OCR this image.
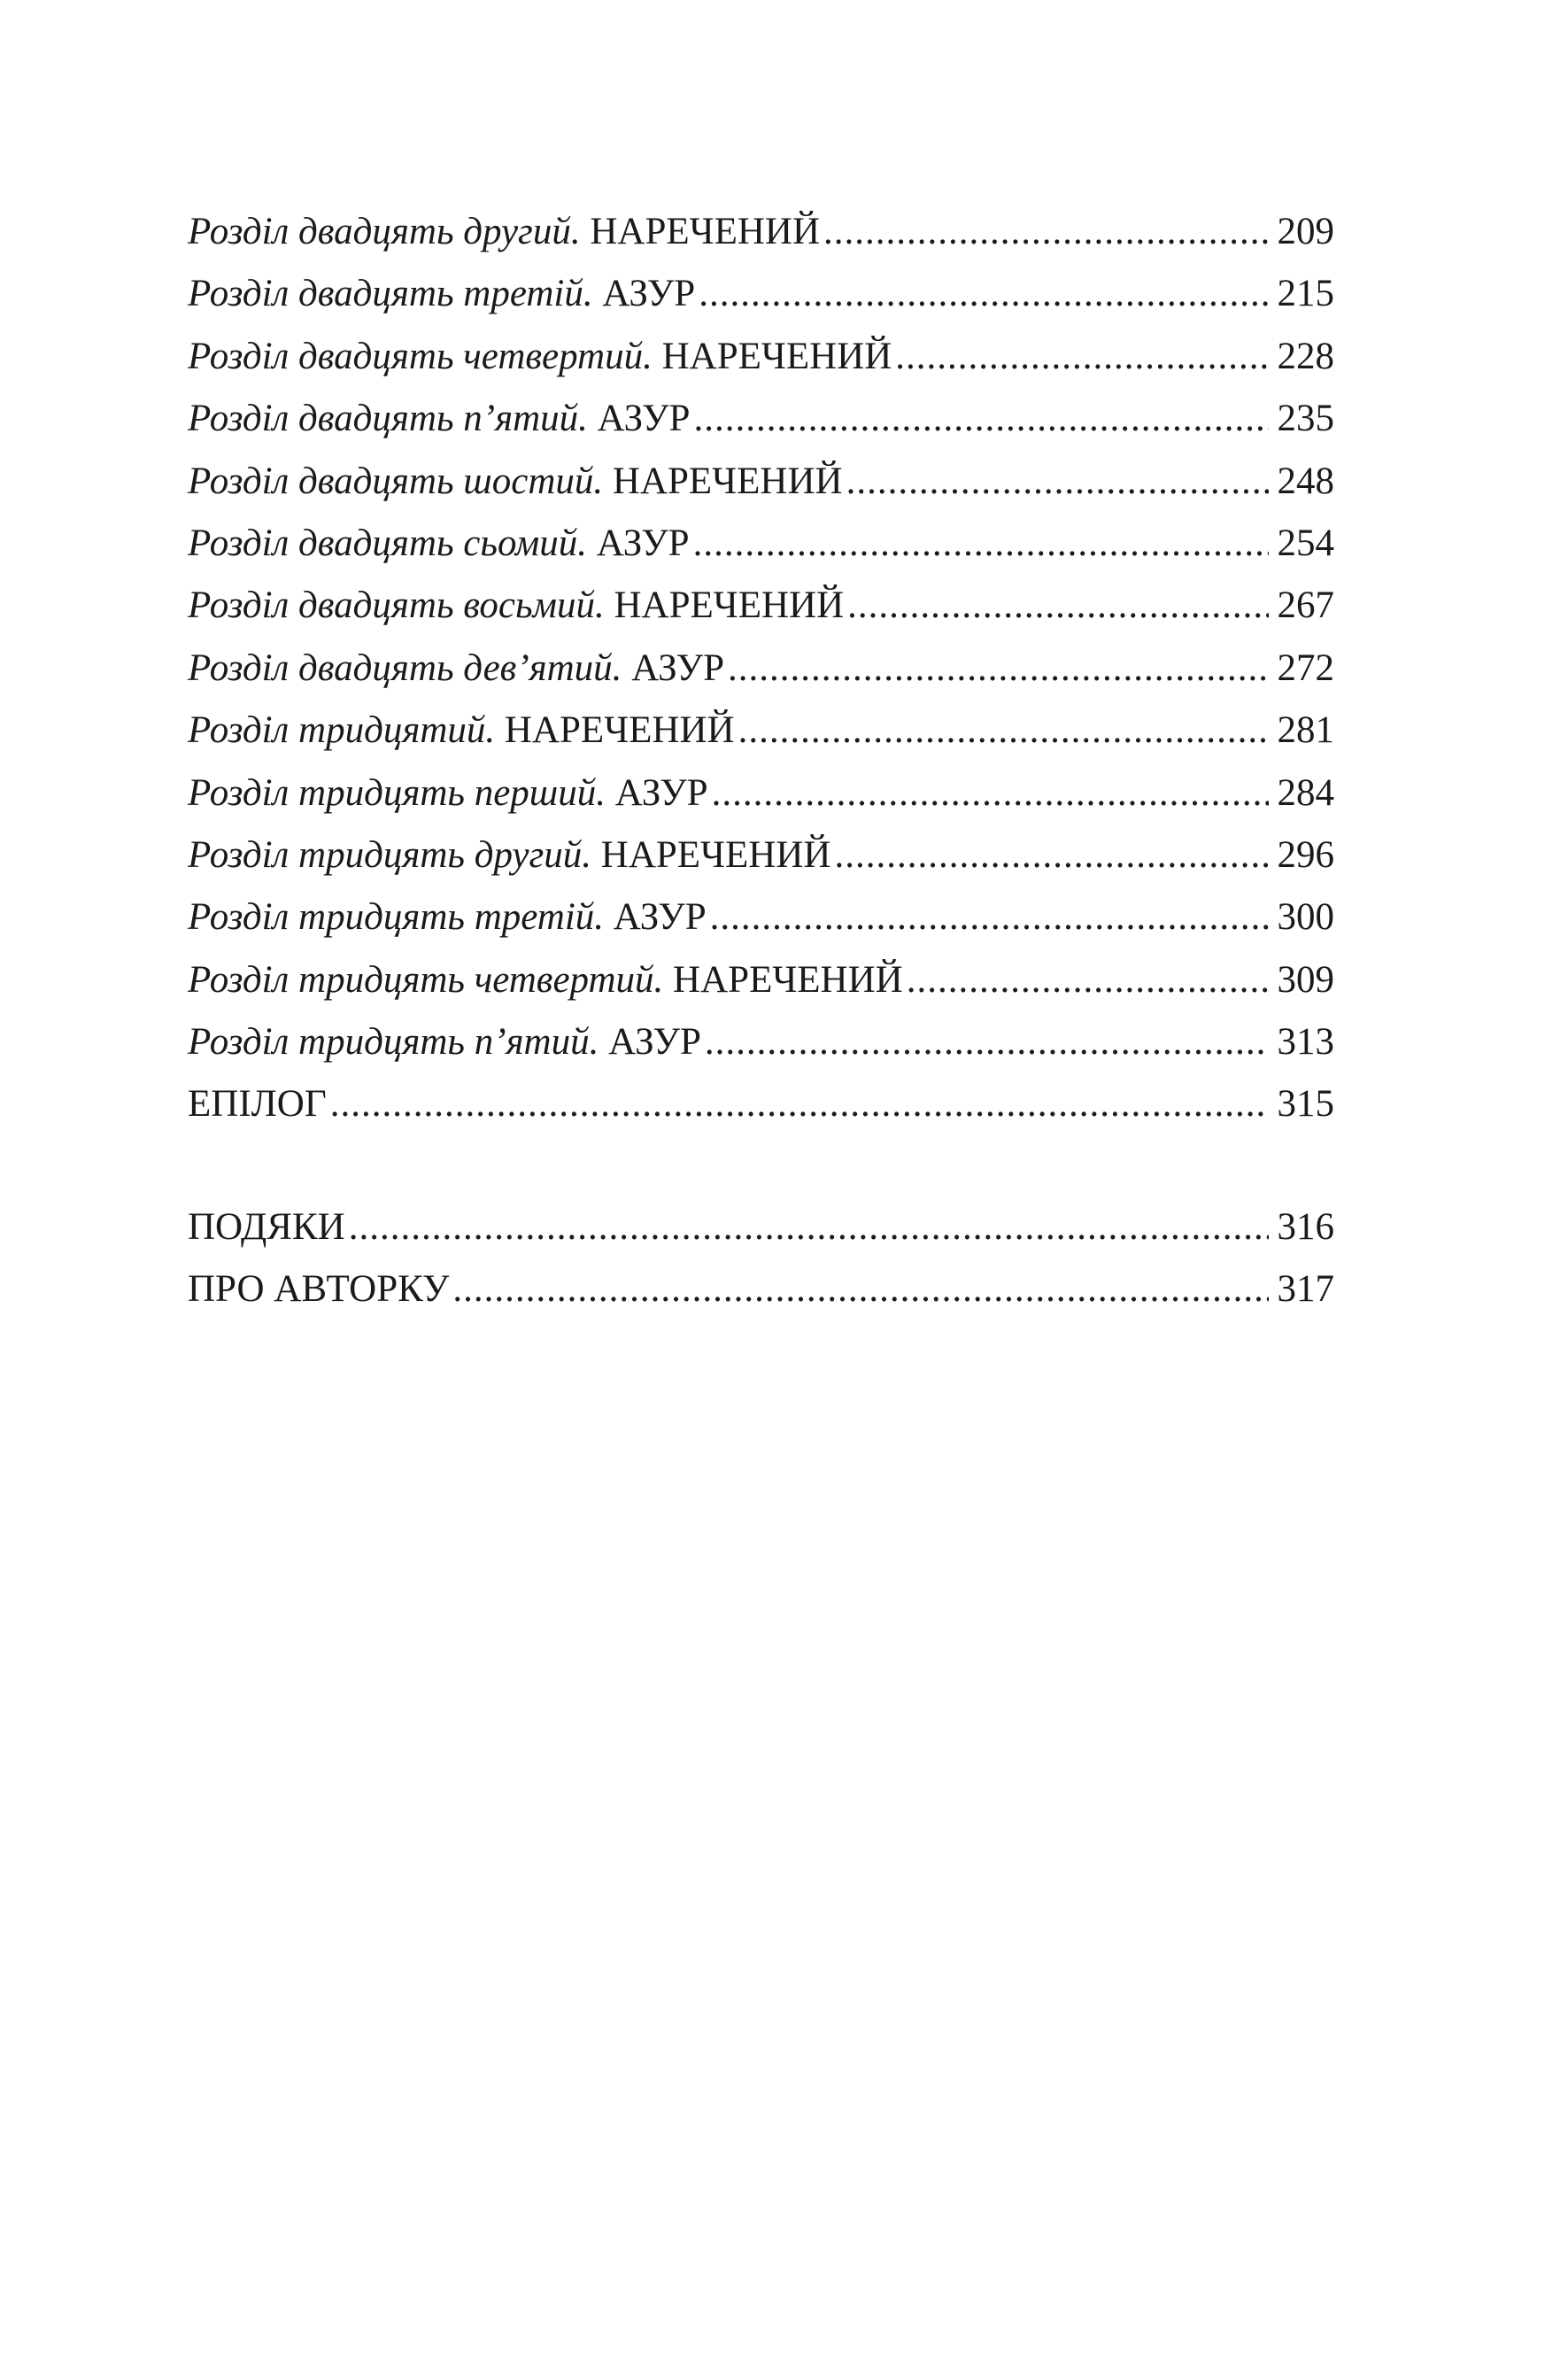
Розділ двадцять другий. НАРЕЧЕНИЙ .....	209
Розділ двадцять третій. АЗУР .....	215
Розділ двадцять четвертий. НАРЕЧЕНИЙ .....	228
Розділ двадцять п’ятий. АЗУР .....	235
Розділ двадцять шостий. НАРЕЧЕНИЙ .....	248
Розділ двадцять сьомий. АЗУР .....	254
Розділ двадцять восьмий. НАРЕЧЕНИЙ .....	267
Розділ двадцять дев’ятий. АЗУР .....	272
Розділ тридцятий. НАРЕЧЕНИЙ .....	281
Розділ тридцять перший. АЗУР .....	284
Розділ тридцять другий. НАРЕЧЕНИЙ .....	296
Розділ тридцять третій. АЗУР .....	300
Розділ тридцять четвертий. НАРЕЧЕНИЙ .....	309
Розділ тридцять п’ятий. АЗУР .....	313
ЕПІЛОГ .....	315
ПОДЯКИ .....	316
ПРО АВТОРКУ .....	317
